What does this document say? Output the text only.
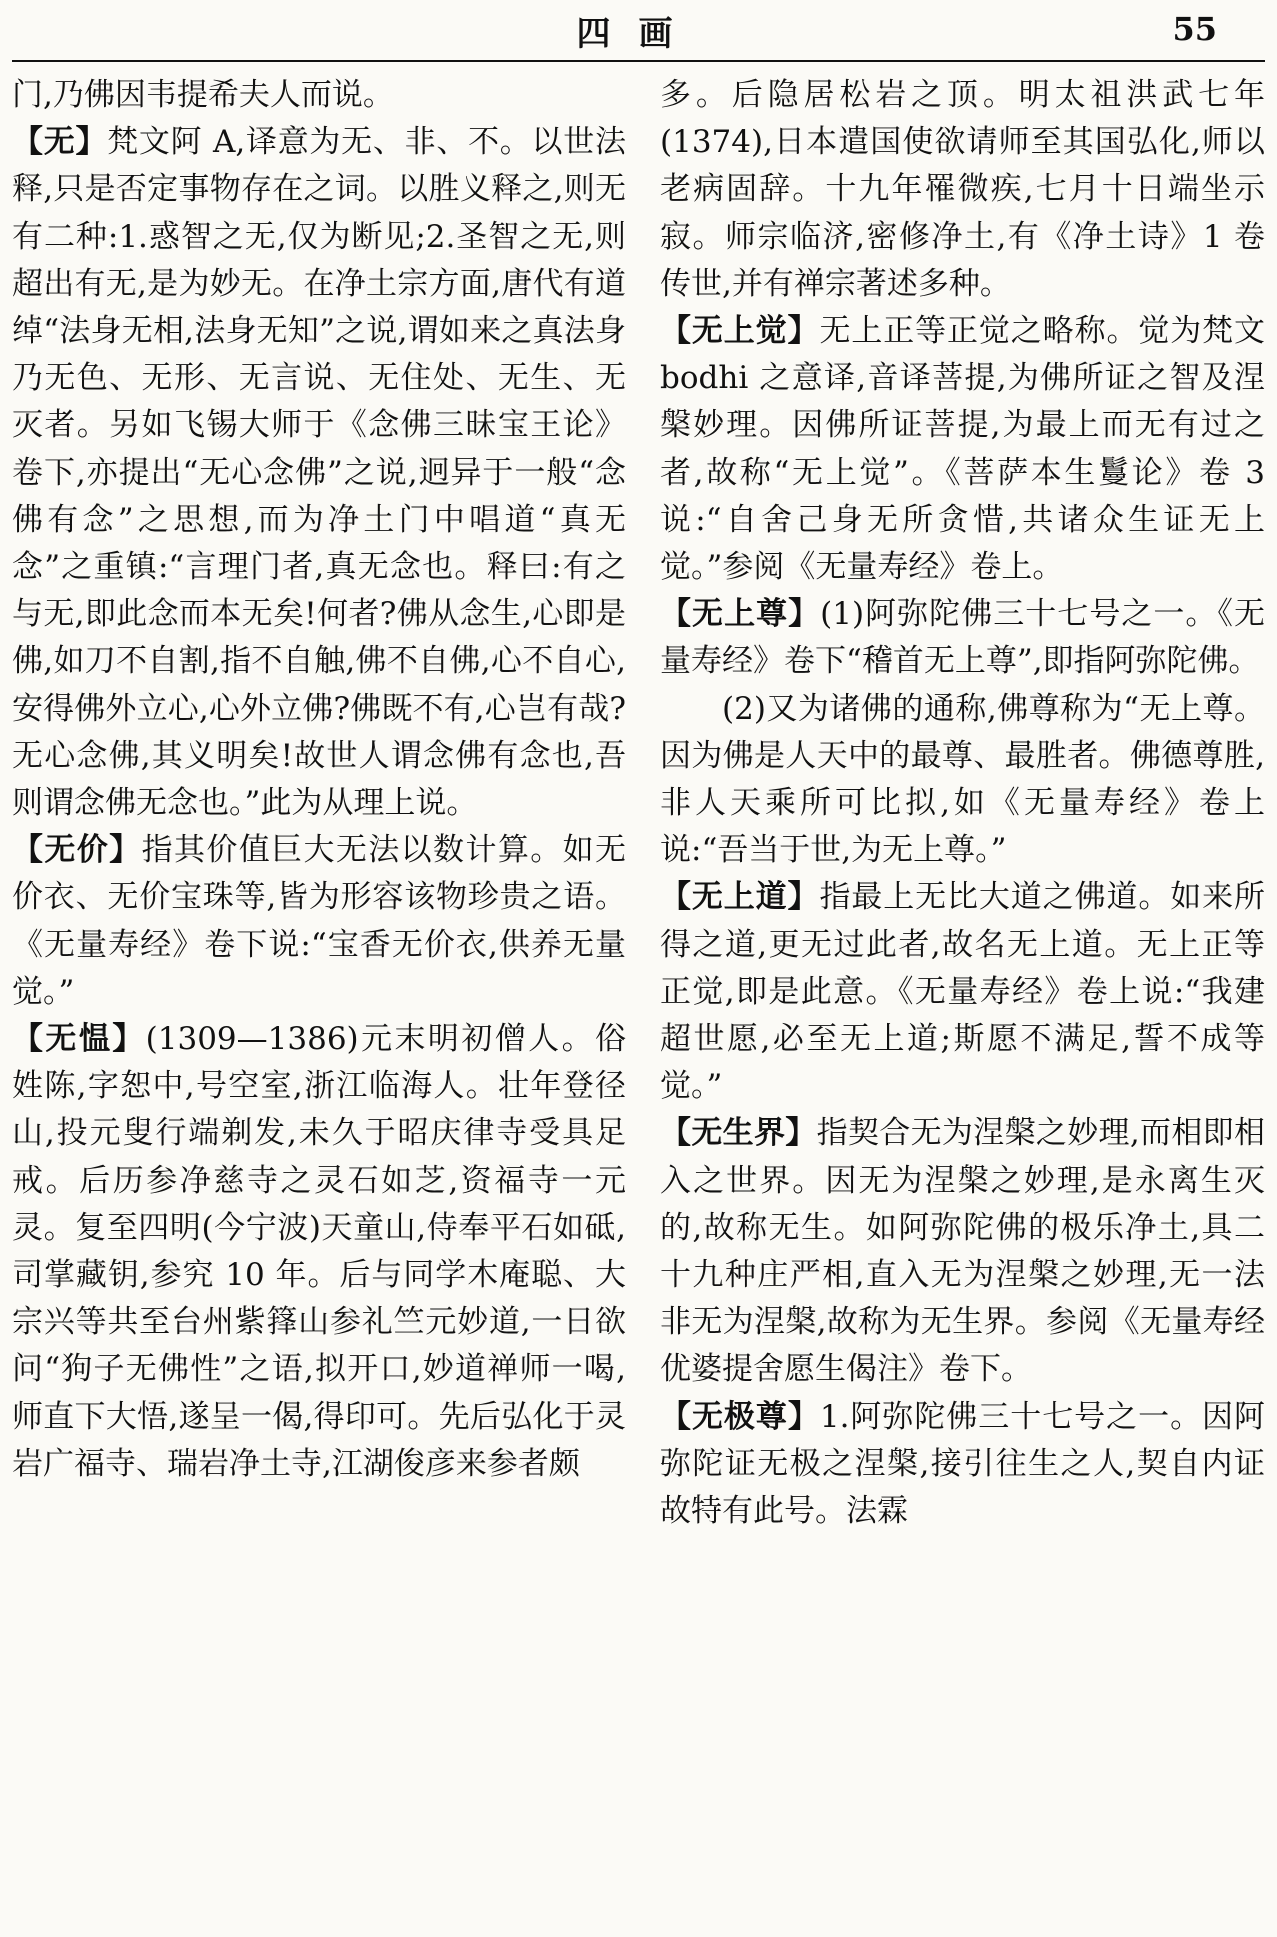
四画	55

门,乃佛因韦提希夫人而说。

【无】梵文阿 A,译意为无、非、不。以世法释,只是否定事物存在之词。以胜义释之,则无有二种:1.惑智之无,仅为断见;2.圣智之无,则超出有无,是为妙无。在净土宗方面,唐代有道绰“法身无相,法身无知”之说,谓如来之真法身乃无色、无形、无言说、无住处、无生、无灭者。另如飞锡大师于《念佛三昧宝王论》卷下,亦提出“无心念佛”之说,迥异于一般“念佛有念”之思想,而为净土门中唱道“真无念”之重镇:“言理门者,真无念也。释曰:有之与无,即此念而本无矣!何者?佛从念生,心即是佛,如刀不自割,指不自触,佛不自佛,心不自心,安得佛外立心,心外立佛?佛既不有,心岂有哉?无心念佛,其义明矣!故世人谓念佛有念也,吾则谓念佛无念也。”此为从理上说。

【无价】指其价值巨大无法以数计算。如无价衣、无价宝珠等,皆为形容该物珍贵之语。《无量寿经》卷下说:“宝香无价衣,供养无量觉。”

【无愠】(1309—1386)元末明初僧人。俗姓陈,字恕中,号空室,浙江临海人。壮年登径山,投元叟行端剃发,未久于昭庆律寺受具足戒。后历参净慈寺之灵石如芝,资福寺一元灵。复至四明(今宁波)天童山,侍奉平石如砥,司掌藏钥,参究 10 年。后与同学木庵聪、大宗兴等共至台州紫箨山参礼竺元妙道,一日欲问“狗子无佛性”之语,拟开口,妙道禅师一喝,师直下大悟,遂呈一偈,得印可。先后弘化于灵岩广福寺、瑞岩净土寺,江湖俊彦来参者颇

多。后隐居松岩之顶。明太祖洪武七年(1374),日本遣国使欲请师至其国弘化,师以老病固辞。十九年罹微疾,七月十日端坐示寂。师宗临济,密修净土,有《净土诗》1 卷传世,并有禅宗著述多种。

【无上觉】无上正等正觉之略称。觉为梵文 bodhi 之意译,音译菩提,为佛所证之智及涅槃妙理。因佛所证菩提,为最上而无有过之者,故称“无上觉”。《菩萨本生鬘论》卷 3 说:“自舍己身无所贪惜,共诸众生证无上觉。”参阅《无量寿经》卷上。

【无上尊】(1)阿弥陀佛三十七号之一。《无量寿经》卷下“稽首无上尊”,即指阿弥陀佛。

(2)又为诸佛的通称,佛尊称为“无上尊。因为佛是人天中的最尊、最胜者。佛德尊胜,非人天乘所可比拟,如《无量寿经》卷上说:“吾当于世,为无上尊。”

【无上道】指最上无比大道之佛道。如来所得之道,更无过此者,故名无上道。无上正等正觉,即是此意。《无量寿经》卷上说:“我建超世愿,必至无上道;斯愿不满足,誓不成等觉。”

【无生界】指契合无为涅槃之妙理,而相即相入之世界。因无为涅槃之妙理,是永离生灭的,故称无生。如阿弥陀佛的极乐净土,具二十九种庄严相,直入无为涅槃之妙理,无一法非无为涅槃,故称为无生界。参阅《无量寿经优婆提舍愿生偈注》卷下。

【无极尊】1.阿弥陀佛三十七号之一。因阿弥陀证无极之涅槃,接引往生之人,契自内证故特有此号。法霖
